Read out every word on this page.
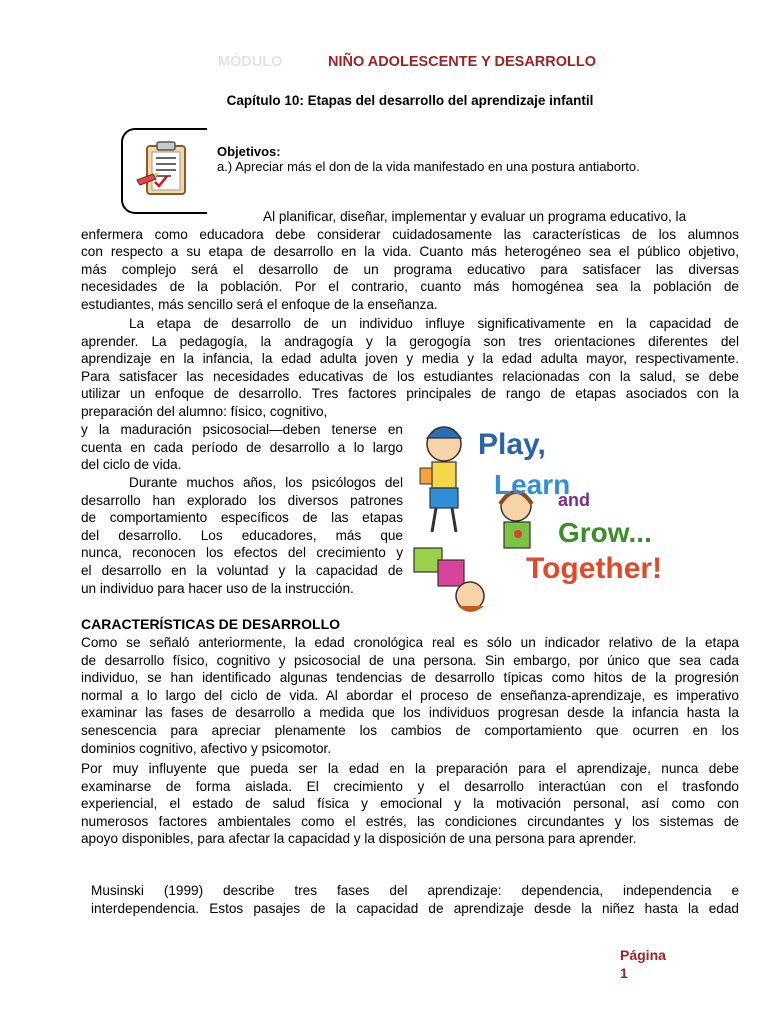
MÓDULO	NIÑO ADOLESCENTE Y DESARROLLO
Capítulo 10: Etapas del desarrollo del aprendizaje infantil
Objetivos:
a.) Apreciar más el don de la vida manifestado en una postura antiaborto.
Al planificar, diseñar, implementar y evaluar un programa educativo, la
enfermera como educadora debe considerar cuidadosamente las características de los alumnos
con respecto a su etapa de desarrollo en la vida. Cuanto más heterogéneo sea el público objetivo,
más complejo será el desarrollo de un programa educativo para satisfacer las diversas
necesidades de la población. Por el contrario, cuanto más homogénea sea la población de
estudiantes, más sencillo será el enfoque de la enseñanza.
La etapa de desarrollo de un individuo influye significativamente en la capacidad de
aprender. La pedagogía, la andragogía y la gerogogía son tres orientaciones diferentes del
aprendizaje en la infancia, la edad adulta joven y media y la edad adulta mayor, respectivamente.
Para satisfacer las necesidades educativas de los estudiantes relacionadas con la salud, se debe
utilizar un enfoque de desarrollo. Tres factores principales de rango de etapas asociados con la
preparación del alumno: físico, cognitivo,
y la maduración psicosocial—deben tenerse en
cuenta en cada período de desarrollo a lo largo
del ciclo de vida.
Durante muchos años, los psicólogos del
desarrollo han explorado los diversos patrones
de comportamiento específicos de las etapas
del desarrollo. Los educadores, más que
nunca, reconocen los efectos del crecimiento y
el desarrollo en la voluntad y la capacidad de
un individuo para hacer uso de la instrucción.
Play,
Learn
and
Grow...
Together!
CARACTERÍSTICAS DE DESARROLLO
Como se señaló anteriormente, la edad cronológica real es sólo un indicador relativo de la etapa
de desarrollo físico, cognitivo y psicosocial de una persona. Sin embargo, por único que sea cada
individuo, se han identificado algunas tendencias de desarrollo típicas como hitos de la progresión
normal a lo largo del ciclo de vida. Al abordar el proceso de enseñanza-aprendizaje, es imperativo
examinar las fases de desarrollo a medida que los individuos progresan desde la infancia hasta la
senescencia para apreciar plenamente los cambios de comportamiento que ocurren en los
dominios cognitivo, afectivo y psicomotor.
Por muy influyente que pueda ser la edad en la preparación para el aprendizaje, nunca debe
examinarse de forma aislada. El crecimiento y el desarrollo interactúan con el trasfondo
experiencial, el estado de salud física y emocional y la motivación personal, así como con
numerosos factores ambientales como el estrés, las condiciones circundantes y los sistemas de
apoyo disponibles, para afectar la capacidad y la disposición de una persona para aprender.
Musinski (1999) describe tres fases del aprendizaje: dependencia, independencia e
interdependencia. Estos pasajes de la capacidad de aprendizaje desde la niñez hasta la edad
Página
1
